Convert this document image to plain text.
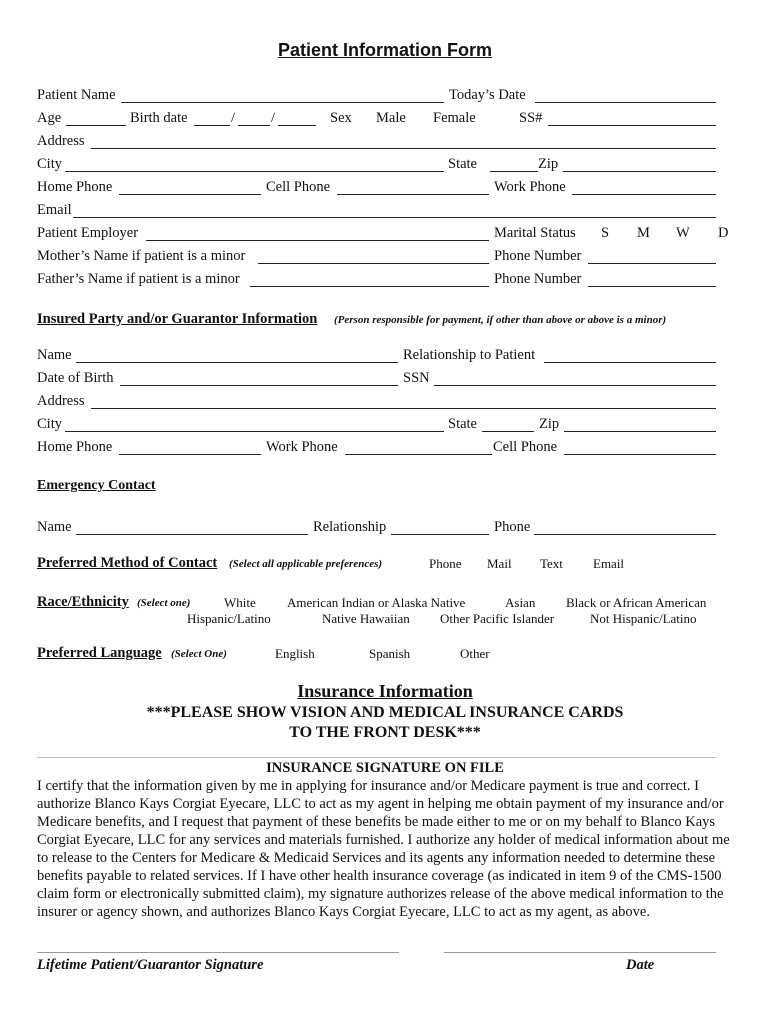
Patient Information Form
Patient Name	Today’s Date
Age	Birth date	/ /	Sex Male Female	SS#
Address
City	State	Zip
Home Phone	Cell Phone	Work Phone
Email
Patient Employer	Marital Status S M W D
Mother’s Name if patient is a minor	Phone Number
Father’s Name if patient is a minor	Phone Number
Insured Party and/or Guarantor Information (Person responsible for payment, if other than above or above is a minor)
Name	Relationship to Patient
Date of Birth	SSN
Address
City	State	Zip
Home Phone	Work Phone	Cell Phone
Emergency Contact
Name	Relationship	Phone
Preferred Method of Contact (Select all applicable preferences)	Phone Mail Text Email
Race/Ethnicity (Select one)	White American Indian or Alaska Native	Asian Black or African American
Hispanic/Latino	Native Hawaiian Other Pacific Islander	Not Hispanic/Latino
Preferred Language (Select One)	English	Spanish	Other
Insurance Information
***PLEASE SHOW VISION AND MEDICAL INSURANCE CARDS
TO THE FRONT DESK***
INSURANCE SIGNATURE ON FILE
I certify that the information given by me in applying for insurance and/or Medicare payment is true and correct. I authorize Blanco Kays Corgiat Eyecare, LLC to act as my agent in helping me obtain payment of my insurance and/or Medicare benefits, and I request that payment of these benefits be made either to me or on my behalf to Blanco Kays Corgiat Eyecare, LLC for any services and materials furnished. I authorize any holder of medical information about me to release to the Centers for Medicare & Medicaid Services and its agents any information needed to determine these benefits payable to related services. If I have other health insurance coverage (as indicated in item 9 of the CMS-1500 claim form or electronically submitted claim), my signature authorizes release of the above medical information to the insurer or agency shown, and authorizes Blanco Kays Corgiat Eyecare, LLC to act as my agent, as above.
Lifetime Patient/Guarantor Signature	Date
